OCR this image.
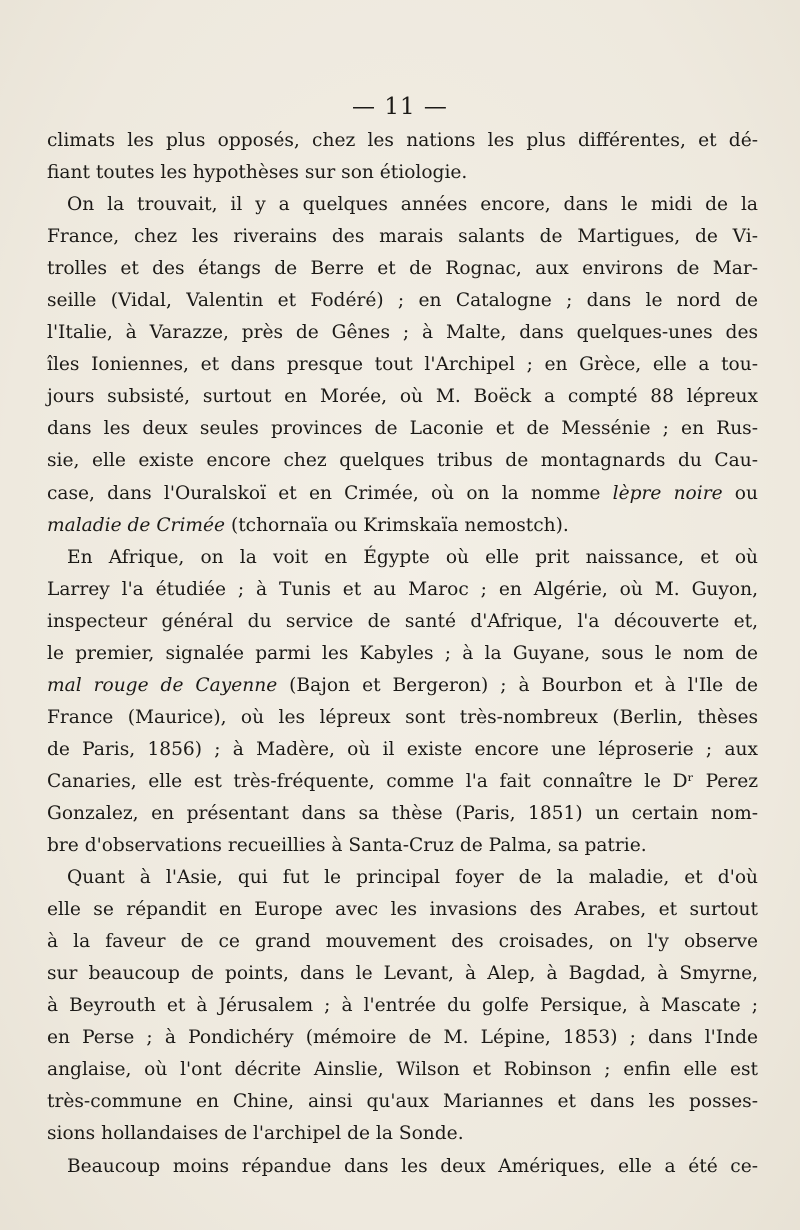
— 11 —
climats les plus opposés, chez les nations les plus différentes, et dé-
fiant toutes les hypothèses sur son étiologie.
On la trouvait, il y a quelques années encore, dans le midi de la
France, chez les riverains des marais salants de Martigues, de Vi-
trolles et des étangs de Berre et de Rognac, aux environs de Mar-
seille (Vidal, Valentin et Fodéré) ; en Catalogne ; dans le nord de
l'Italie, à Varazze, près de Gênes ; à Malte, dans quelques-unes des
îles Ioniennes, et dans presque tout l'Archipel ; en Grèce, elle a tou-
jours subsisté, surtout en Morée, où M. Boëck a compté 88 lépreux
dans les deux seules provinces de Laconie et de Messénie ; en Rus-
sie, elle existe encore chez quelques tribus de montagnards du Cau-
case, dans l'Ouralskoï et en Crimée, où on la nomme lèpre noire ou
maladie de Crimée (tchornaïa ou Krimskaïa nemostch).
En Afrique, on la voit en Égypte où elle prit naissance, et où
Larrey l'a étudiée ; à Tunis et au Maroc ; en Algérie, où M. Guyon,
inspecteur général du service de santé d'Afrique, l'a découverte et,
le premier, signalée parmi les Kabyles ; à la Guyane, sous le nom de
mal rouge de Cayenne (Bajon et Bergeron) ; à Bourbon et à l'Ile de
France (Maurice), où les lépreux sont très-nombreux (Berlin, thèses
de Paris, 1856) ; à Madère, où il existe encore une léproserie ; aux
Canaries, elle est très-fréquente, comme l'a fait connaître le Dʳ Perez
Gonzalez, en présentant dans sa thèse (Paris, 1851) un certain nom-
bre d'observations recueillies à Santa-Cruz de Palma, sa patrie.
Quant à l'Asie, qui fut le principal foyer de la maladie, et d'où
elle se répandit en Europe avec les invasions des Arabes, et surtout
à la faveur de ce grand mouvement des croisades, on l'y observe
sur beaucoup de points, dans le Levant, à Alep, à Bagdad, à Smyrne,
à Beyrouth et à Jérusalem ; à l'entrée du golfe Persique, à Mascate ;
en Perse ; à Pondichéry (mémoire de M. Lépine, 1853) ; dans l'Inde
anglaise, où l'ont décrite Ainslie, Wilson et Robinson ; enfin elle est
très-commune en Chine, ainsi qu'aux Mariannes et dans les posses-
sions hollandaises de l'archipel de la Sonde.
Beaucoup moins répandue dans les deux Amériques, elle a été ce-
